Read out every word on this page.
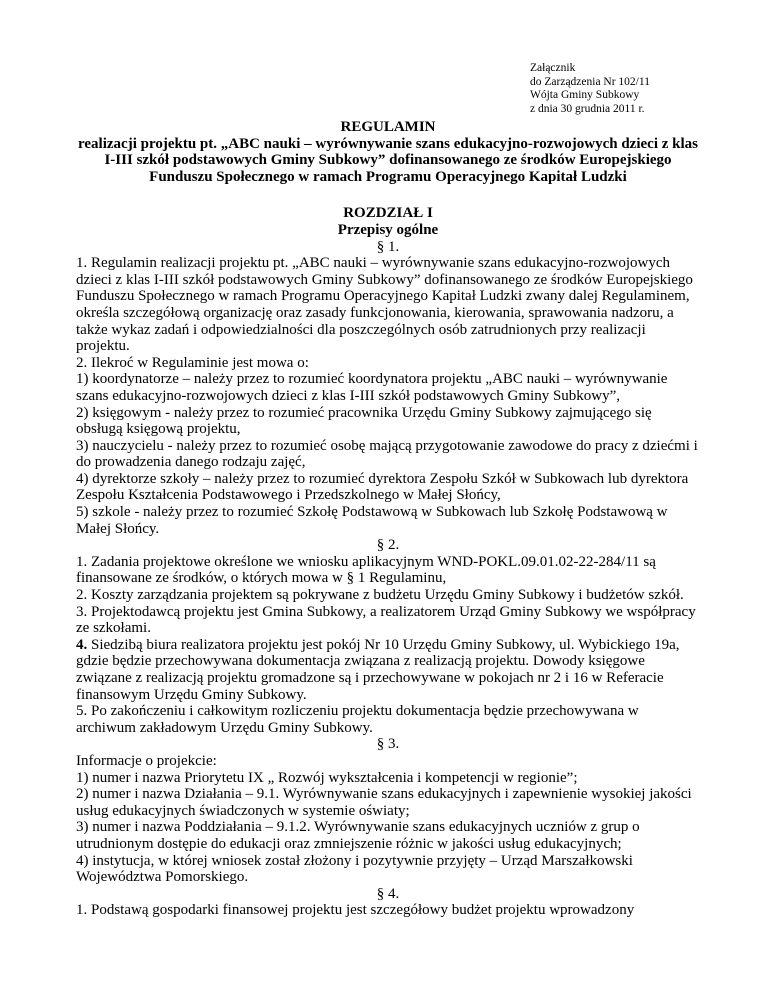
Załącznik
do Zarządzenia Nr 102/11
Wójta Gminy Subkowy
z dnia 30 grudnia 2011 r.
REGULAMIN
realizacji projektu pt. „ABC nauki – wyrównywanie szans edukacyjno-rozwojowych dzieci z klas I-III szkół podstawowych Gminy Subkowy” dofinansowanego ze środków Europejskiego Funduszu Społecznego w ramach Programu Operacyjnego Kapitał Ludzki
ROZDZIAŁ I
Przepisy ogólne
§ 1.

1. Regulamin realizacji projektu pt. „ABC nauki – wyrównywanie szans edukacyjno-rozwojowych dzieci z klas I-III szkół podstawowych Gminy Subkowy” dofinansowanego ze środków Europejskiego Funduszu Społecznego w ramach Programu Operacyjnego Kapitał Ludzki zwany dalej Regulaminem, określa szczegółową organizację oraz zasady funkcjonowania, kierowania, sprawowania nadzoru, a także wykaz zadań i odpowiedzialności dla poszczególnych osób zatrudnionych przy realizacji projektu.

2. Ilekroć w Regulaminie jest mowa o:

1) koordynatorze – należy przez to rozumieć koordynatora projektu „ABC nauki – wyrównywanie szans edukacyjno-rozwojowych dzieci z klas I-III szkół podstawowych Gminy Subkowy”,

2) księgowym - należy przez to rozumieć pracownika Urzędu Gminy Subkowy zajmującego się obsługą księgową projektu,

3) nauczycielu - należy przez to rozumieć osobę mającą przygotowanie zawodowe do pracy z dziećmi i do prowadzenia danego rodzaju zajęć,

4) dyrektorze szkoły – należy przez to rozumieć dyrektora Zespołu Szkół w Subkowach lub dyrektora Zespołu Kształcenia Podstawowego i Przedszkolnego w Małej Słońcy,

5) szkole - należy przez to rozumieć Szkołę Podstawową w Subkowach lub Szkołę Podstawową w Małej Słońcy.

§ 2.

1. Zadania projektowe określone we wniosku aplikacyjnym WND-POKL.09.01.02-22-284/11 są finansowane ze środków, o których mowa w § 1 Regulaminu,

2. Koszty zarządzania projektem są pokrywane z budżetu Urzędu Gminy Subkowy i budżetów szkół.

3. Projektodawcą projektu jest Gmina Subkowy, a realizatorem Urząd Gminy Subkowy we współpracy ze szkołami.

4. Siedzibą biura realizatora projektu jest pokój Nr 10 Urzędu Gminy Subkowy, ul. Wybickiego 19a, gdzie będzie przechowywana dokumentacja związana z realizacją projektu. Dowody księgowe związane z realizacją projektu gromadzone są i przechowywane w pokojach nr 2 i 16 w Referacie finansowym Urzędu Gminy Subkowy.

5. Po zakończeniu i całkowitym rozliczeniu projektu dokumentacja będzie przechowywana w archiwum zakładowym Urzędu Gminy Subkowy.

§ 3.

Informacje o projekcie:

1) numer i nazwa Priorytetu IX „ Rozwój wykształcenia i kompetencji w regionie”;

2) numer i nazwa Działania – 9.1. Wyrównywanie szans edukacyjnych i zapewnienie wysokiej jakości usług edukacyjnych świadczonych w systemie oświaty;

3) numer i nazwa Poddziałania – 9.1.2. Wyrównywanie szans edukacyjnych uczniów z grup o utrudnionym dostępie do edukacji oraz zmniejszenie różnic w jakości usług edukacyjnych;

4) instytucja, w której wniosek został złożony i pozytywnie przyjęty – Urząd Marszałkowski Województwa Pomorskiego.

§ 4.

1. Podstawą gospodarki finansowej projektu jest szczegółowy budżet projektu wprowadzony
